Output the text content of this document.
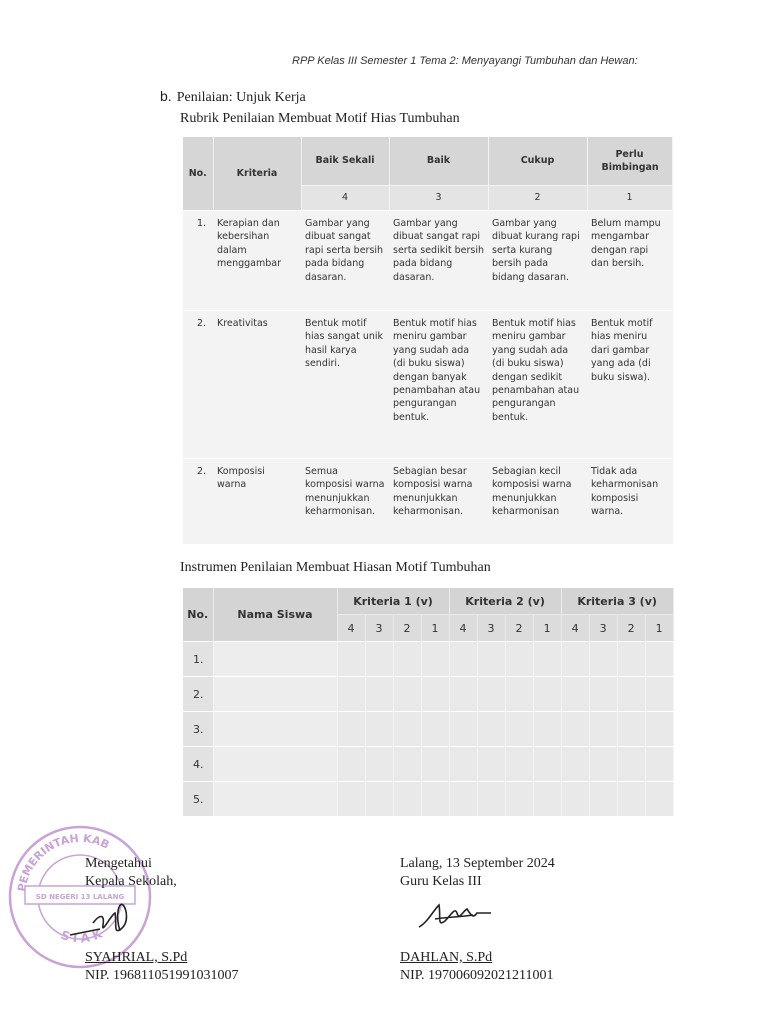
RPP Kelas III Semester 1 Tema 2: Menyayangi Tumbuhan dan Hewan:
b. Penilaian: Unjuk Kerja
Rubrik Penilaian Membuat Motif Hias Tumbuhan
No.	Kriteria	Baik Sekali	Baik	Cukup	Perlu Bimbingan
		4	3	2	1
1.	Kerapian dan kebersihan dalam menggambar	Gambar yang dibuat sangat rapi serta bersih pada bidang dasaran.	Gambar yang dibuat sangat rapi serta sedikit bersih pada bidang dasaran.	Gambar yang dibuat kurang rapi serta kurang bersih pada bidang dasaran.	Belum mampu mengambar dengan rapi dan bersih.
2.	Kreativitas	Bentuk motif hias sangat unik hasil karya sendiri.	Bentuk motif hias meniru gambar yang sudah ada (di buku siswa) dengan banyak penambahan atau pengurangan bentuk.	Bentuk motif hias meniru gambar yang sudah ada (di buku siswa) dengan sedikit penambahan atau pengurangan bentuk.	Bentuk motif hias meniru dari gambar yang ada (di buku siswa).
2.	Komposisi warna	Semua komposisi warna menunjukkan keharmonisan.	Sebagian besar komposisi warna menunjukkan keharmonisan.	Sebagian kecil komposisi warna menunjukkan keharmonisan	Tidak ada keharmonisan komposisi warna.
Instrumen Penilaian Membuat Hiasan Motif Tumbuhan
No.	Nama Siswa	Kriteria 1 (v)				Kriteria 2 (v)				Kriteria 3 (v)			
		4	3	2	1	4	3	2	1	4	3	2	1
1.													
2.													
3.													
4.													
5.													
PEMERINTAH KAB
SD NEGERI 13 LALANG
S I A K
Mengetahui
Kepala Sekolah,
SYAHRIAL, S.Pd
NIP. 196811051991031007
Lalang, 13 September 2024
Guru Kelas III
DAHLAN, S.Pd
NIP. 197006092021211001
